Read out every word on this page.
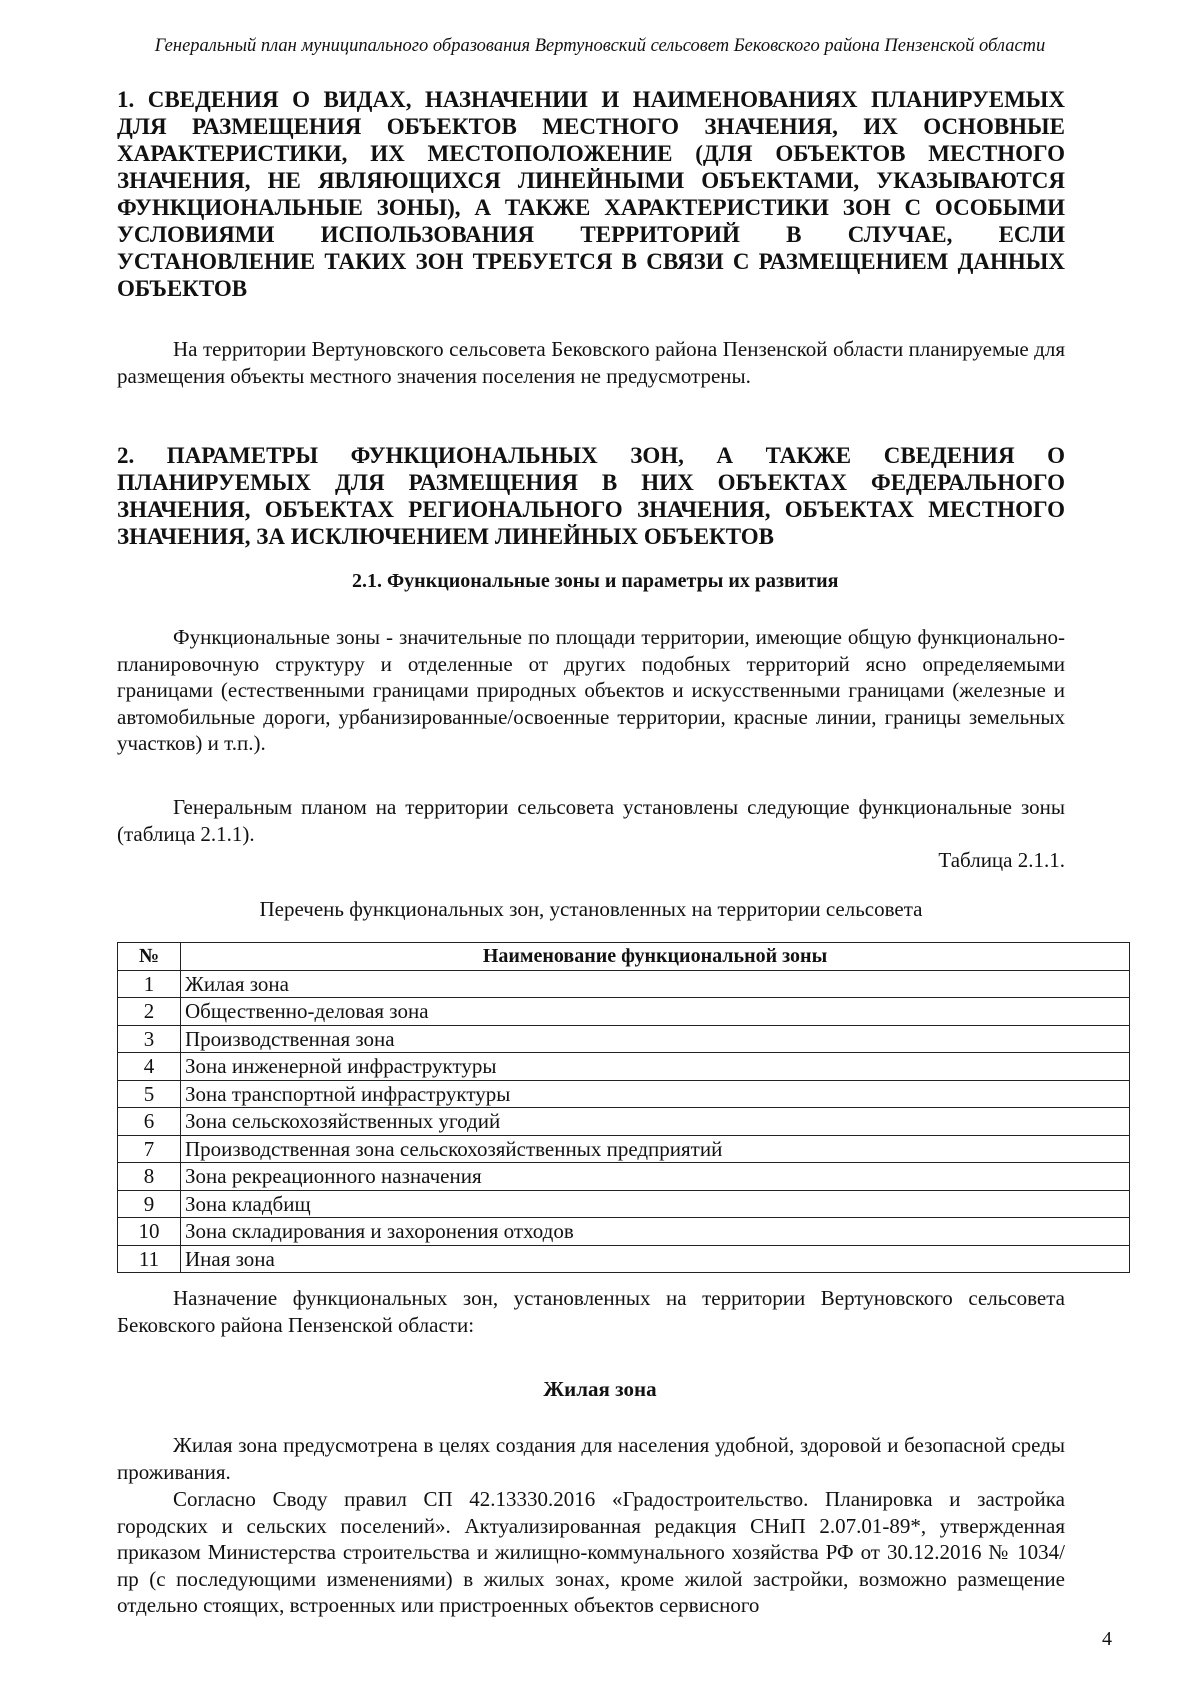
Генеральный план муниципального образования Вертуновский сельсовет Бековского района Пензенской области
1. СВЕДЕНИЯ О ВИДАХ, НАЗНАЧЕНИИ И НАИМЕНОВАНИЯХ ПЛАНИРУЕМЫХ ДЛЯ РАЗМЕЩЕНИЯ ОБЪЕКТОВ МЕСТНОГО ЗНАЧЕНИЯ, ИХ ОСНОВНЫЕ ХАРАКТЕРИСТИКИ, ИХ МЕСТОПОЛОЖЕНИЕ (ДЛЯ ОБЪЕКТОВ МЕСТНОГО ЗНАЧЕНИЯ, НЕ ЯВЛЯЮЩИХСЯ ЛИНЕЙНЫМИ ОБЪЕКТАМИ, УКАЗЫВАЮТСЯ ФУНКЦИОНАЛЬНЫЕ ЗОНЫ), А ТАКЖЕ ХАРАКТЕРИСТИКИ ЗОН С ОСОБЫМИ УСЛОВИЯМИ ИСПОЛЬЗОВАНИЯ ТЕРРИТОРИЙ В СЛУЧАЕ, ЕСЛИ УСТАНОВЛЕНИЕ ТАКИХ ЗОН ТРЕБУЕТСЯ В СВЯЗИ С РАЗМЕЩЕНИЕМ ДАННЫХ ОБЪЕКТОВ

На территории Вертуновского сельсовета Бековского района Пензенской области планируемые для размещения объекты местного значения поселения не предусмотрены.

2. ПАРАМЕТРЫ ФУНКЦИОНАЛЬНЫХ ЗОН, А ТАКЖЕ СВЕДЕНИЯ О ПЛАНИРУЕМЫХ ДЛЯ РАЗМЕЩЕНИЯ В НИХ ОБЪЕКТАХ ФЕДЕРАЛЬНОГО ЗНАЧЕНИЯ, ОБЪЕКТАХ РЕГИОНАЛЬНОГО ЗНАЧЕНИЯ, ОБЪЕКТАХ МЕСТНОГО ЗНАЧЕНИЯ, ЗА ИСКЛЮЧЕНИЕМ ЛИНЕЙНЫХ ОБЪЕКТОВ
2.1. Функциональные зоны и параметры их развития

Функциональные зоны - значительные по площади территории, имеющие общую функционально-планировочную структуру и отделенные от других подобных территорий ясно определяемыми границами (естественными границами природных объектов и искусственными границами (железные и автомобильные дороги, урбанизированные/освоенные территории, красные линии, границы земельных участков) и т.п.).

Генеральным планом на территории сельсовета установлены следующие функциональные зоны (таблица 2.1.1).

Таблица 2.1.1.
Перечень функциональных зон, установленных на территории сельсовета
№	Наименование функциональной зоны
1	Жилая зона
2	Общественно-деловая зона
3	Производственная зона
4	Зона инженерной инфраструктуры
5	Зона транспортной инфраструктуры
6	Зона сельскохозяйственных угодий
7	Производственная зона сельскохозяйственных предприятий
8	Зона рекреационного назначения
9	Зона кладбищ
10	Зона складирования и захоронения отходов
11	Иная зона

Назначение функциональных зон, установленных на территории Вертуновского сельсовета Бековского района Пензенской области:

Жилая зона

Жилая зона предусмотрена в целях создания для населения удобной, здоровой и безопасной среды проживания.

Согласно Своду правил СП 42.13330.2016 «Градостроительство. Планировка и застройка городских и сельских поселений». Актуализированная редакция СНиП 2.07.01-89*, утвержденная приказом Министерства строительства и жилищно-коммунального хозяйства РФ от 30.12.2016 № 1034/пр (с последующими изменениями) в жилых зонах, кроме жилой застройки, возможно размещение отдельно стоящих, встроенных или пристроенных объектов сервисного

4
